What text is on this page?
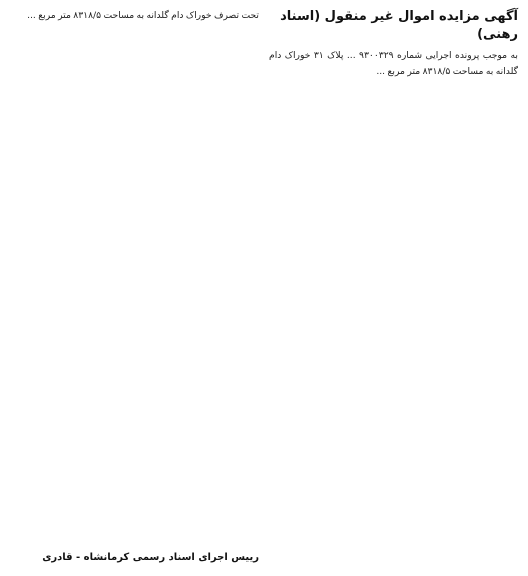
آگهی مزایده اموال غیر منقول (اسناد رهنی)

به موجب پرونده اجرایی شماره ۹۳۰۰۳۲۹ ... پلاک ۳۱ خوراک دام گلدانه به مساحت ۸۳۱۸/۵ متر مربع ...

تحت تصرف خوراک دام گلدانه به مساحت ۸۳۱۸/۵ متر مربع ...

رییس اجرای اسناد رسمی کرمانشاه - قادری
